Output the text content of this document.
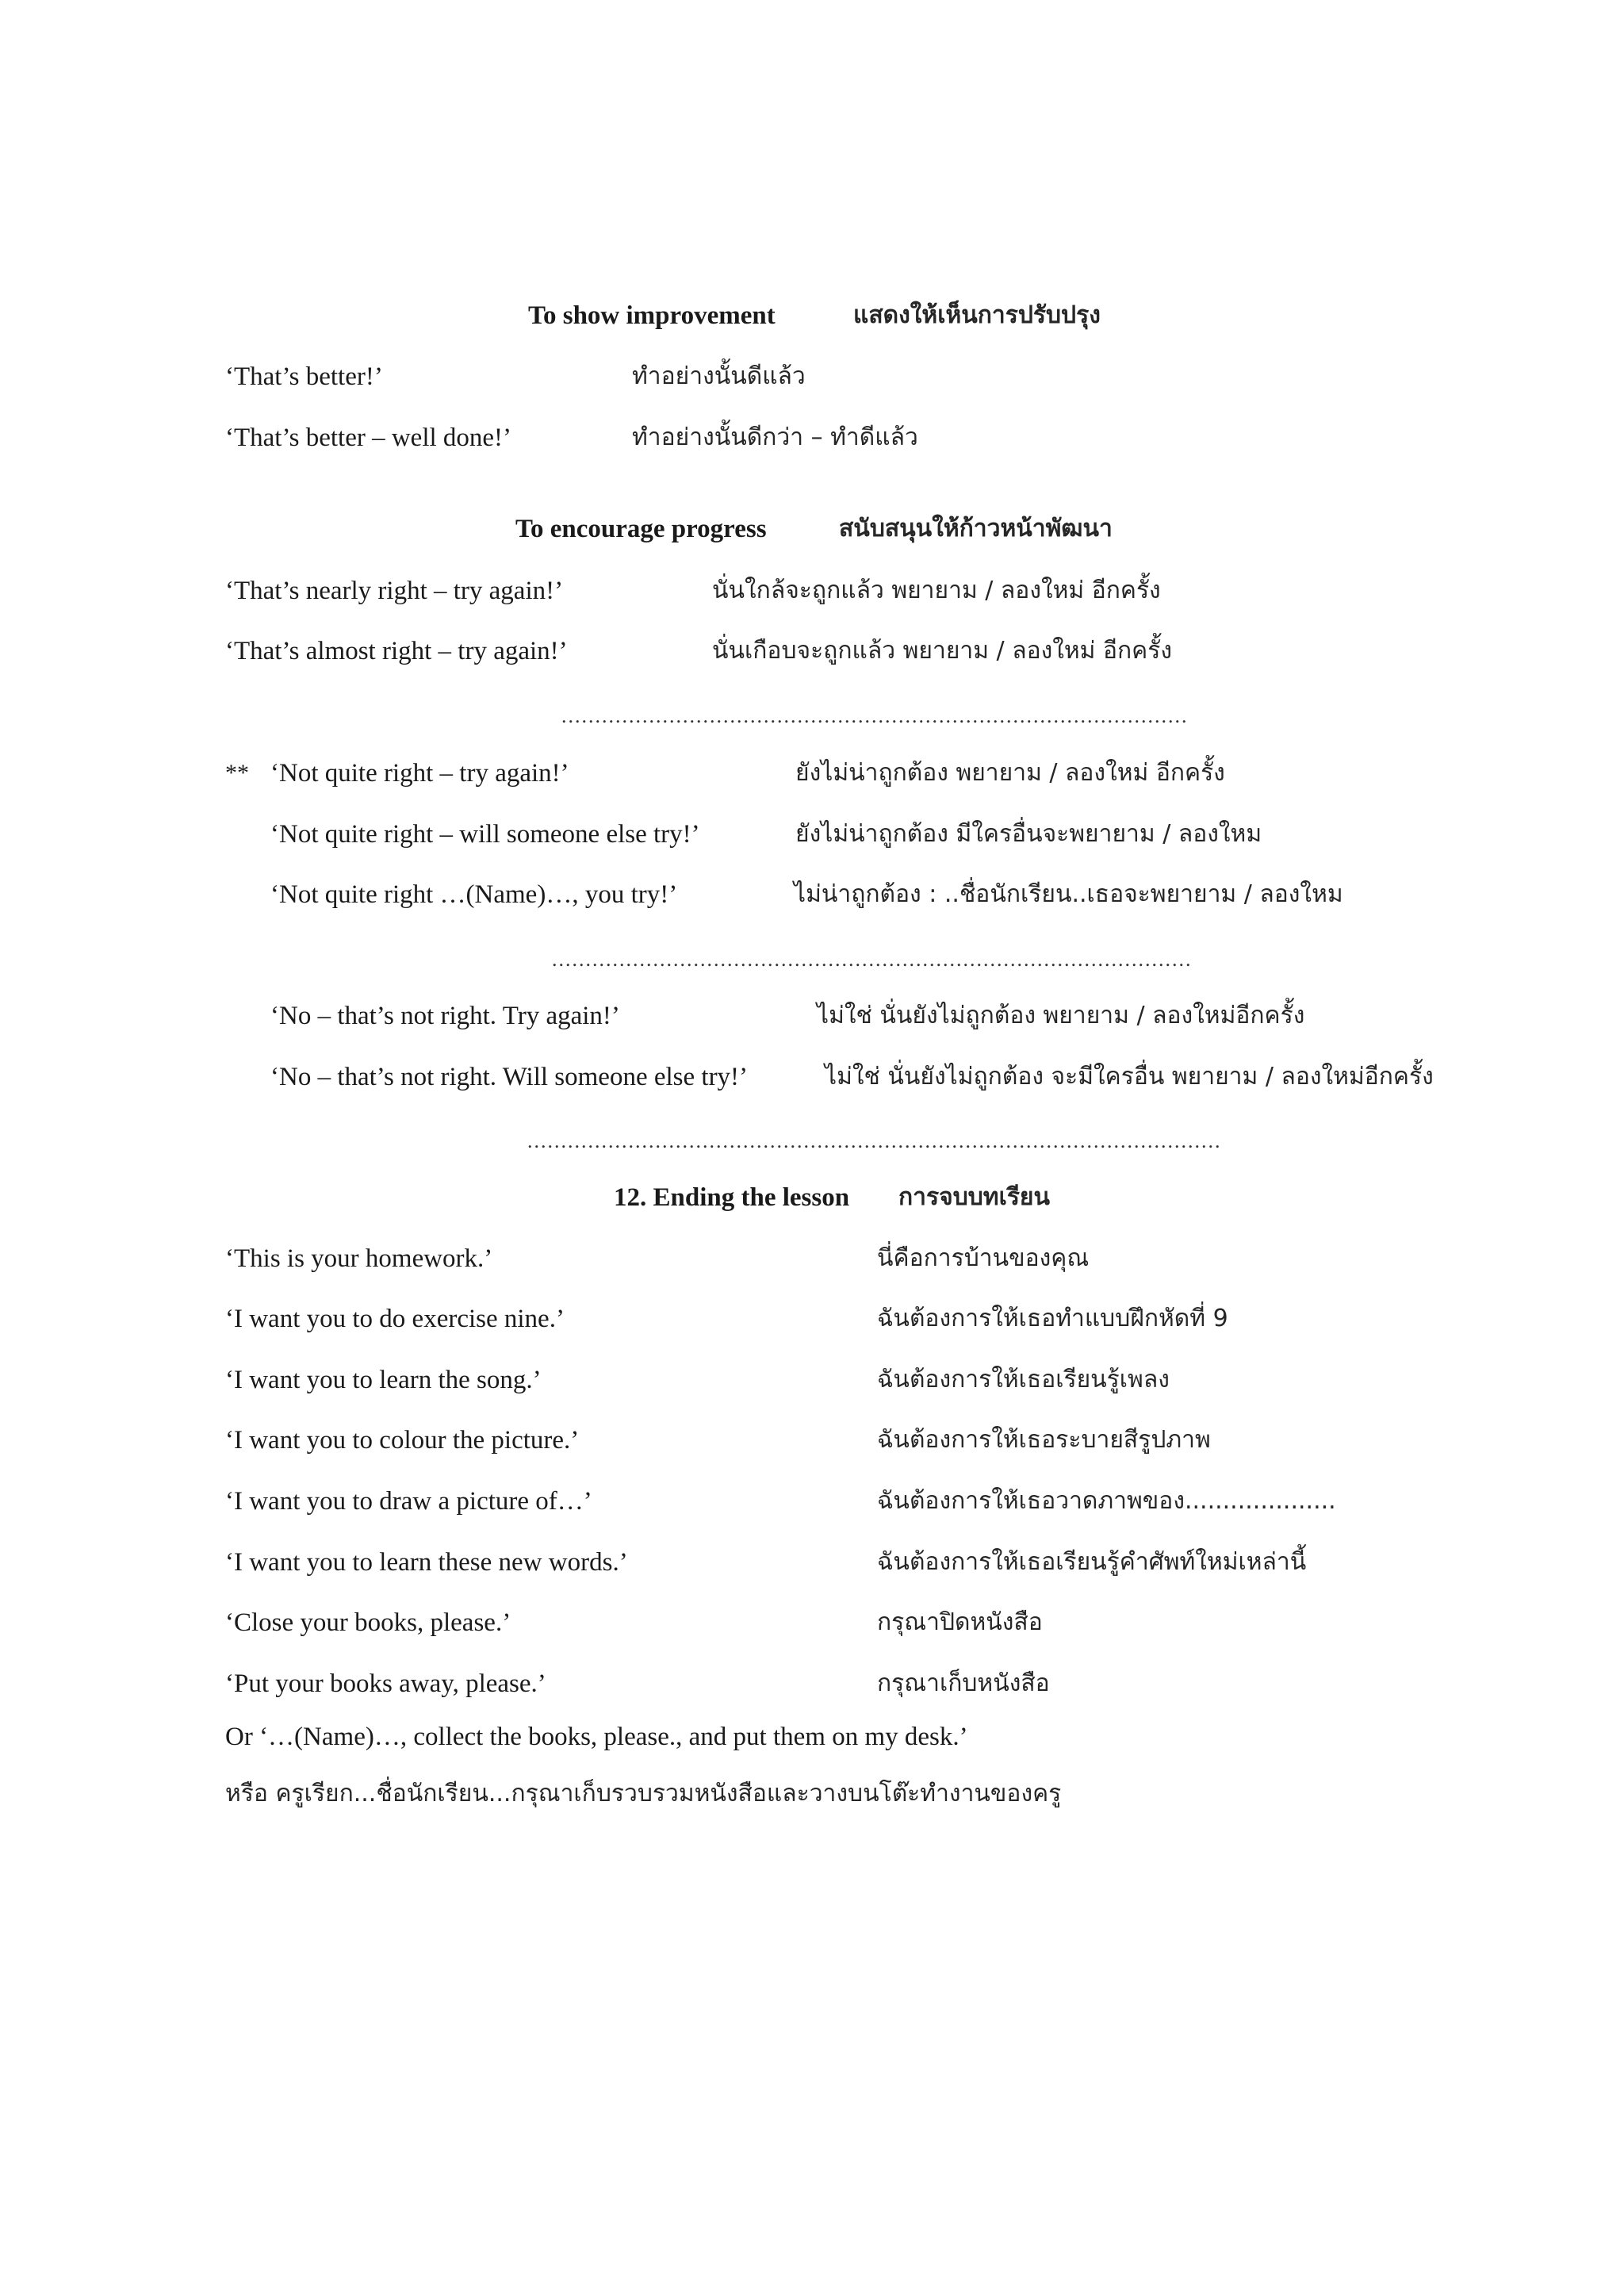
To show improvement	แสดงให้เห็นการปรับปรุง
‘That’s better!’	ทำอย่างนั้นดีแล้ว
‘That’s better – well done!’	ทำอย่างนั้นดีกว่า – ทำดีแล้ว
To encourage progress	สนับสนุนให้ก้าวหน้าพัฒนา
‘That’s nearly right – try again!’	นั่นใกล้จะถูกแล้ว พยายาม / ลองใหม่ อีกครั้ง
‘That’s almost right – try again!’	นั่นเกือบจะถูกแล้ว พยายาม / ลองใหม่ อีกครั้ง
.............................................................................................
** ‘Not quite right – try again!’	ยังไม่น่าถูกต้อง พยายาม / ลองใหม่ อีกครั้ง
‘Not quite right – will someone else try!’	ยังไม่น่าถูกต้อง มีใครอื่นจะพยายาม / ลองใหม
‘Not quite right …(Name)…, you try!’	ไม่น่าถูกต้อง : ..ชื่อนักเรียน..เธอจะพยายาม / ลองใหม
...............................................................................................
‘No – that’s not right. Try again!’	ไม่ใช่ นั่นยังไม่ถูกต้อง พยายาม / ลองใหม่อีกครั้ง
‘No – that’s not right. Will someone else try!’	ไม่ใช่ นั่นยังไม่ถูกต้อง จะมีใครอื่น พยายาม / ลองใหม่อีกครั้ง
.......................................................................................................
12. Ending the lesson การจบบทเรียน
‘This is your homework.’	นี่คือการบ้านของคุณ
‘I want you to do exercise nine.’	ฉันต้องการให้เธอทำแบบฝึกหัดที่ 9
‘I want you to learn the song.’	ฉันต้องการให้เธอเรียนรู้เพลง
‘I want you to colour the picture.’	ฉันต้องการให้เธอระบายสีรูปภาพ
‘I want you to draw a picture of…’	ฉันต้องการให้เธอวาดภาพของ....................
‘I want you to learn these new words.’	ฉันต้องการให้เธอเรียนรู้คำศัพท์ใหม่เหล่านี้
‘Close your books, please.’	กรุณาปิดหนังสือ
‘Put your books away, please.’	กรุณาเก็บหนังสือ
Or ‘…(Name)…, collect the books, please., and put them on my desk.’
หรือ ครูเรียก...ชื่อนักเรียน...กรุณาเก็บรวบรวมหนังสือและวางบนโต๊ะทำงานของครู
